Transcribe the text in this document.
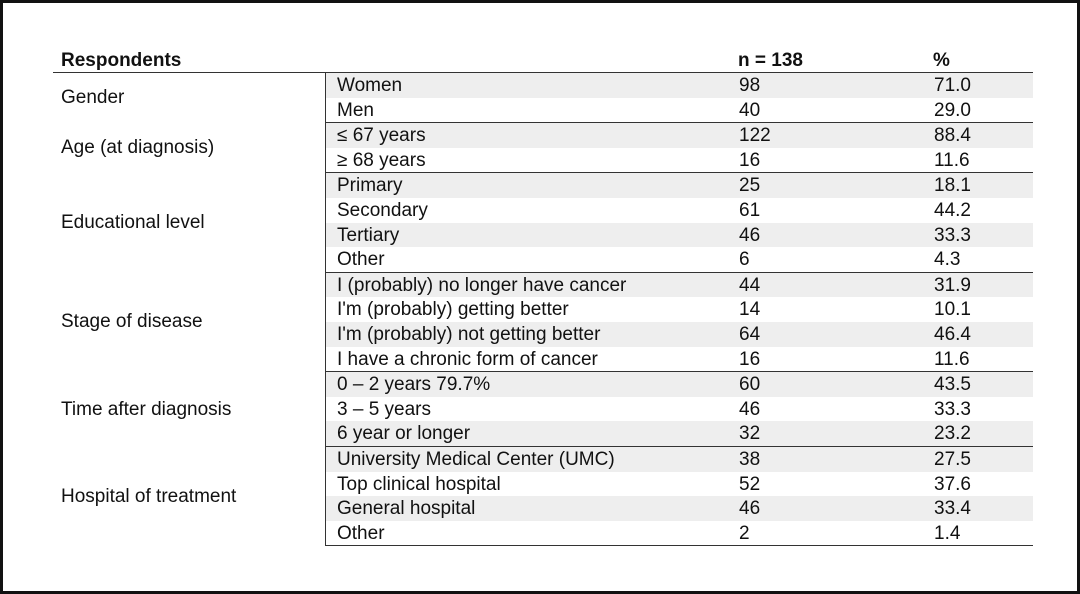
Respondents	n = 138	%
Gender
Women	98	71.0
Men	40	29.0
Age (at diagnosis)
≤ 67 years	122	88.4
≥ 68 years	16	11.6
Educational level
Primary	25	18.1
Secondary	61	44.2
Tertiary	46	33.3
Other	6	4.3
Stage of disease
I (probably) no longer have cancer	44	31.9
I'm (probably) getting better	14	10.1
I'm (probably) not getting better	64	46.4
I have a chronic form of cancer	16	11.6
Time after diagnosis
0 – 2 years 79.7%	60	43.5
3 – 5 years	46	33.3
6 year or longer	32	23.2
Hospital of treatment
University Medical Center (UMC)	38	27.5
Top clinical hospital	52	37.6
General hospital	46	33.4
Other	2	1.4
